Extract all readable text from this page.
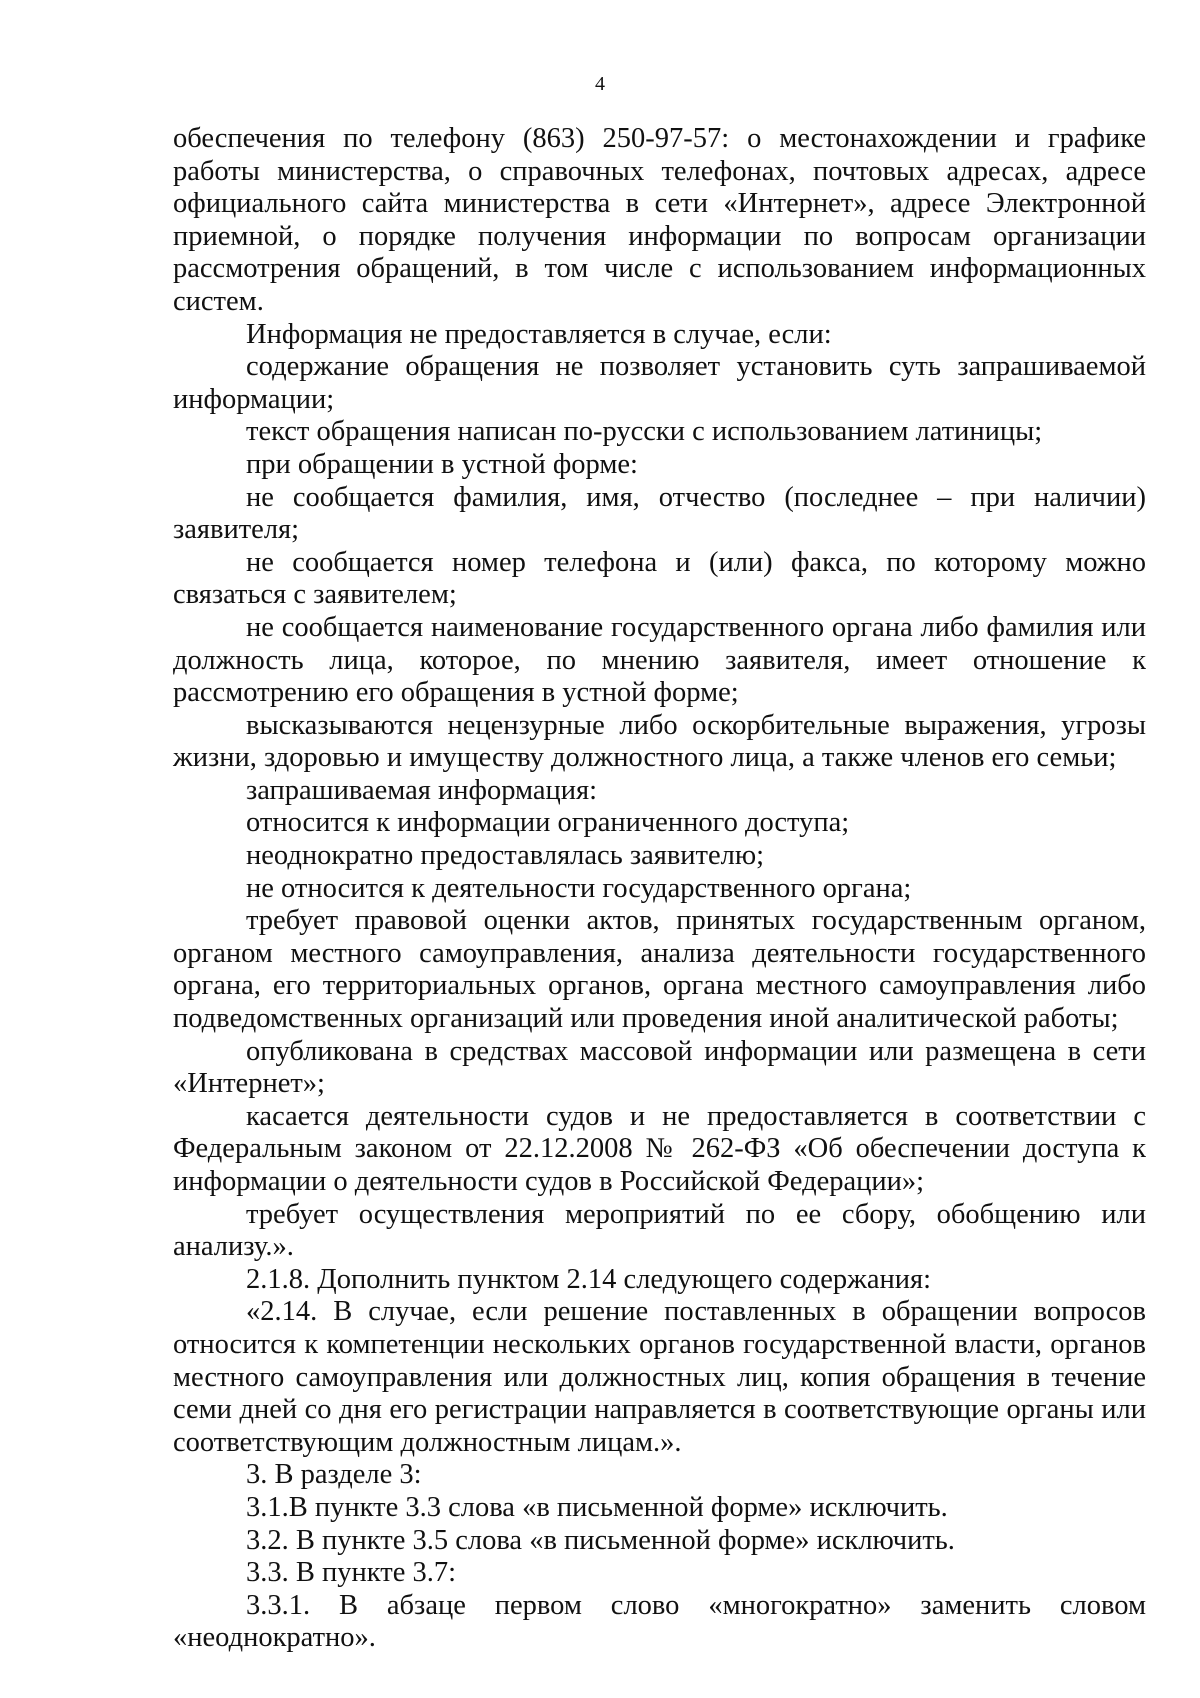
4

обеспечения по телефону (863) 250-97-57: о местонахождении и графике работы министерства, о справочных телефонах, почтовых адресах, адресе официального сайта министерства в сети «Интернет», адресе Электронной приемной, о порядке получения информации по вопросам организации рассмотрения обращений, в том числе с использованием информационных систем.

Информация не предоставляется в случае, если:

содержание обращения не позволяет установить суть запрашиваемой информации;

текст обращения написан по-русски с использованием латиницы;

при обращении в устной форме:

не сообщается фамилия, имя, отчество (последнее – при наличии) заявителя;

не сообщается номер телефона и (или) факса, по которому можно связаться с заявителем;

не сообщается наименование государственного органа либо фамилия или должность лица, которое, по мнению заявителя, имеет отношение к рассмотрению его обращения в устной форме;

высказываются нецензурные либо оскорбительные выражения, угрозы жизни, здоровью и имуществу должностного лица, а также членов его семьи;

запрашиваемая информация:

относится к информации ограниченного доступа;

неоднократно предоставлялась заявителю;

не относится к деятельности государственного органа;

требует правовой оценки актов, принятых государственным органом, органом местного самоуправления, анализа деятельности государственного органа, его территориальных органов, органа местного самоуправления либо подведомственных организаций или проведения иной аналитической работы;

опубликована в средствах массовой информации или размещена в сети «Интернет»;

касается деятельности судов и не предоставляется в соответствии с Федеральным законом от 22.12.2008 № 262-ФЗ «Об обеспечении доступа к информации о деятельности судов в Российской Федерации»;

требует осуществления мероприятий по ее сбору, обобщению или анализу.».

2.1.8. Дополнить пунктом 2.14 следующего содержания:

«2.14. В случае, если решение поставленных в обращении вопросов относится к компетенции нескольких органов государственной власти, органов местного самоуправления или должностных лиц, копия обращения в течение семи дней со дня его регистрации направляется в соответствующие органы или соответствующим должностным лицам.».

3. В разделе 3:

3.1.В пункте 3.3 слова «в письменной форме» исключить.

3.2. В пункте 3.5 слова «в письменной форме» исключить.

3.3. В пункте 3.7:

3.3.1. В абзаце первом слово «многократно» заменить словом «неоднократно».
